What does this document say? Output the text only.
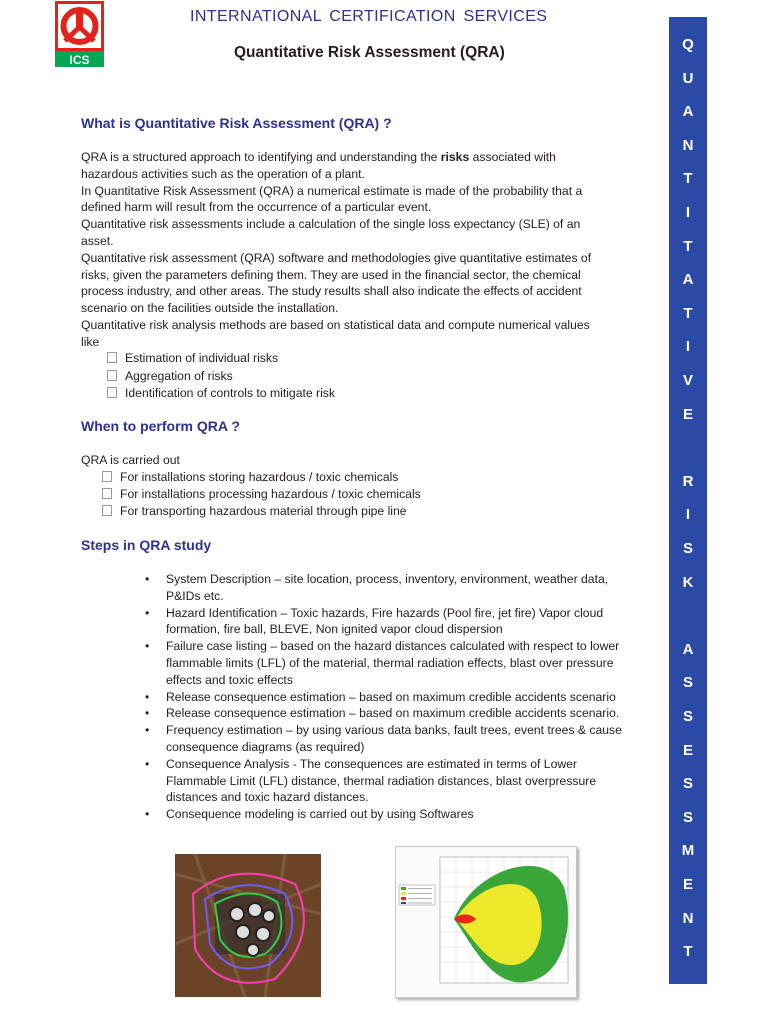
ICS
INTERNATIONAL CERTIFICATION SERVICES
Quantitative Risk Assessment (QRA)	Q
U
A
N
T
I
T
A
T
I
V
E
R
I
S
K
A
S
S
E
S
S
M
E
N
T
What is Quantitative Risk Assessment (QRA) ?
QRA is a structured approach to identifying and understanding the risks associated with
hazardous activities such as the operation of a plant.
In Quantitative Risk Assessment (QRA) a numerical estimate is made of the probability that a
defined harm will result from the occurrence of a particular event.
Quantitative risk assessments include a calculation of the single loss expectancy (SLE) of an
asset.
Quantitative risk assessment (QRA) software and methodologies give quantitative estimates of
risks, given the parameters defining them. They are used in the financial sector, the chemical
process industry, and other areas. The study results shall also indicate the effects of accident
scenario on the facilities outside the installation.
Quantitative risk analysis methods are based on statistical data and compute numerical values
like
Estimation of individual risks
Aggregation of risks
Identification of controls to mitigate risk
When to perform QRA ?
QRA is carried out
For installations storing hazardous / toxic chemicals
For installations processing hazardous / toxic chemicals
For transporting hazardous material through pipe line
Steps in QRA study
• System Description – site location, process, inventory, environment, weather data,
P&IDs etc.
• Hazard Identification – Toxic hazards, Fire hazards (Pool fire, jet fire) Vapor cloud
formation, fire ball, BLEVE, Non ignited vapor cloud dispersion
• Failure case listing – based on the hazard distances calculated with respect to lower
flammable limits (LFL) of the material, thermal radiation effects, blast over pressure
effects and toxic effects
• Release consequence estimation – based on maximum credible accidents scenario
• Release consequence estimation – based on maximum credible accidents scenario.
• Frequency estimation – by using various data banks, fault trees, event trees & cause
consequence diagrams (as required)
• Consequence Analysis - The consequences are estimated in terms of Lower
Flammable Limit (LFL) distance, thermal radiation distances, blast overpressure
distances and toxic hazard distances.
• Consequence modeling is carried out by using Softwares
